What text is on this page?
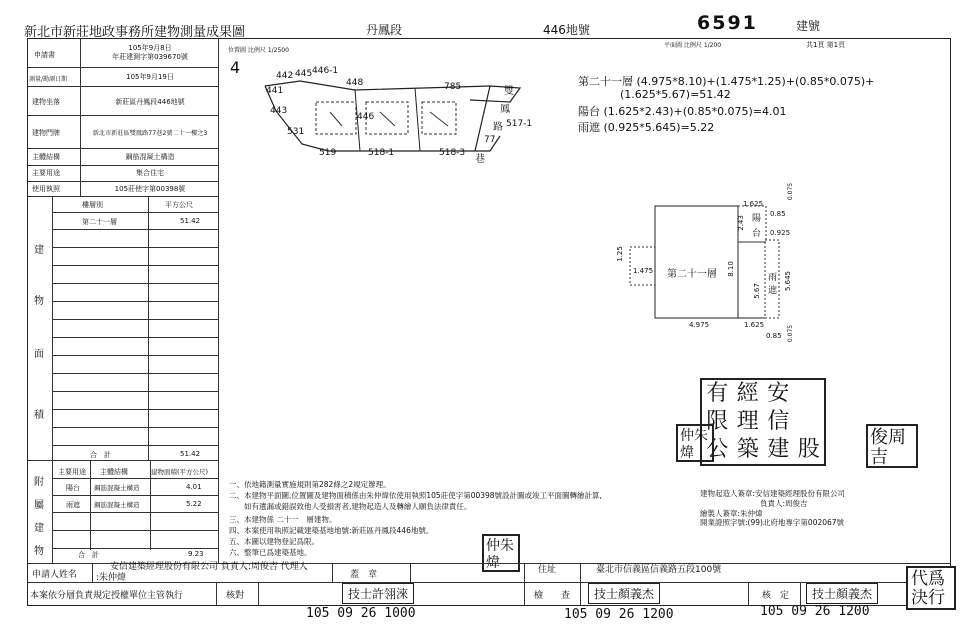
新北市新莊地政事務所建物測量成果圖	丹鳳段	446地號	6591	建號
申請書
105年9月8日
年莊建測字第039670號
測量/勘測日期	105年9月19日
建物坐落	新莊區丹鳳段446地號
建物門牌	新北市新莊區雙鳳路77巷2號二十一樓之3
主體結構	鋼筋混凝土構造
主要用途	集合住宅
使用執照	105莊使字第00398號
樓層別	平方公尺
第二十一層	51.42
建
物
面
積
合　計	51.42
主要用途 主體結構	建物面積(平方公尺)
陽台 鋼筋混凝土構造	4.01
雨遮 鋼筋混凝土構造	5.22
合　計	9.23
附
屬
建
物
位置圖 比例尺 1/2500
4	442 445 446-1
441
448	785
443
446
531
519	518-1	518-3
77
517-1
雙
鳳
路
巷
平面圖 比例尺 1/200	共1頁 第1頁
第二十一層 (4.975*8.10)+(1.475*1.25)+(0.85*0.075)+
(1.625*5.67)=51.42
陽台 (1.625*2.43)+(0.85*0.075)=4.01
雨遮 (0.925*5.645)=5.22
1.625
0.075
0.85
2.43
0.925
陽
台
1.25
1.475 第二十一層 8.10
雨
遮
5.67	5.645
4.975	1.625
0.85 0.075
有 經 安
限 理 信
公 築 建 股
仲朱
煒
俊周
吉
仲朱
煒
一、依地籍測量實施規則第282條之2規定辦理。
二、本建物平面圖,位置圖及建物面積係由朱仲煒依使用執照105莊使字第00398號設計圖或竣工平面圖轉繪計算,
　　如有遺漏或錯誤致他人受損害者,建物起造人及轉繪人願負法律責任。
三、本建物係 二十一　層建物。
四、本案使用執照記載建築基地地號:新莊區丹鳳段446地號。
五、本圖以建物登記爲限。
六、整筆已爲建築基地。
建物起造人簽章:安信建築經理股份有限公司
負責人:周俊吉
繪製人簽章:朱仲煒
開業證照字號:(99)北府地專字第002067號
申請人姓名
安信建築經理股份有限公司 負責人:周俊吉 代理人
:朱仲煒	蓋　章	住址	臺北市信義區信義路五段100號
本案依分層負責規定授權單位主管執行	核對	技士許翎淶	檢　　查	技士顏義杰	核　定	技士顏義杰
代爲
決行
105 09 26 1000	105 09 26 1200	105 09 26 1200
